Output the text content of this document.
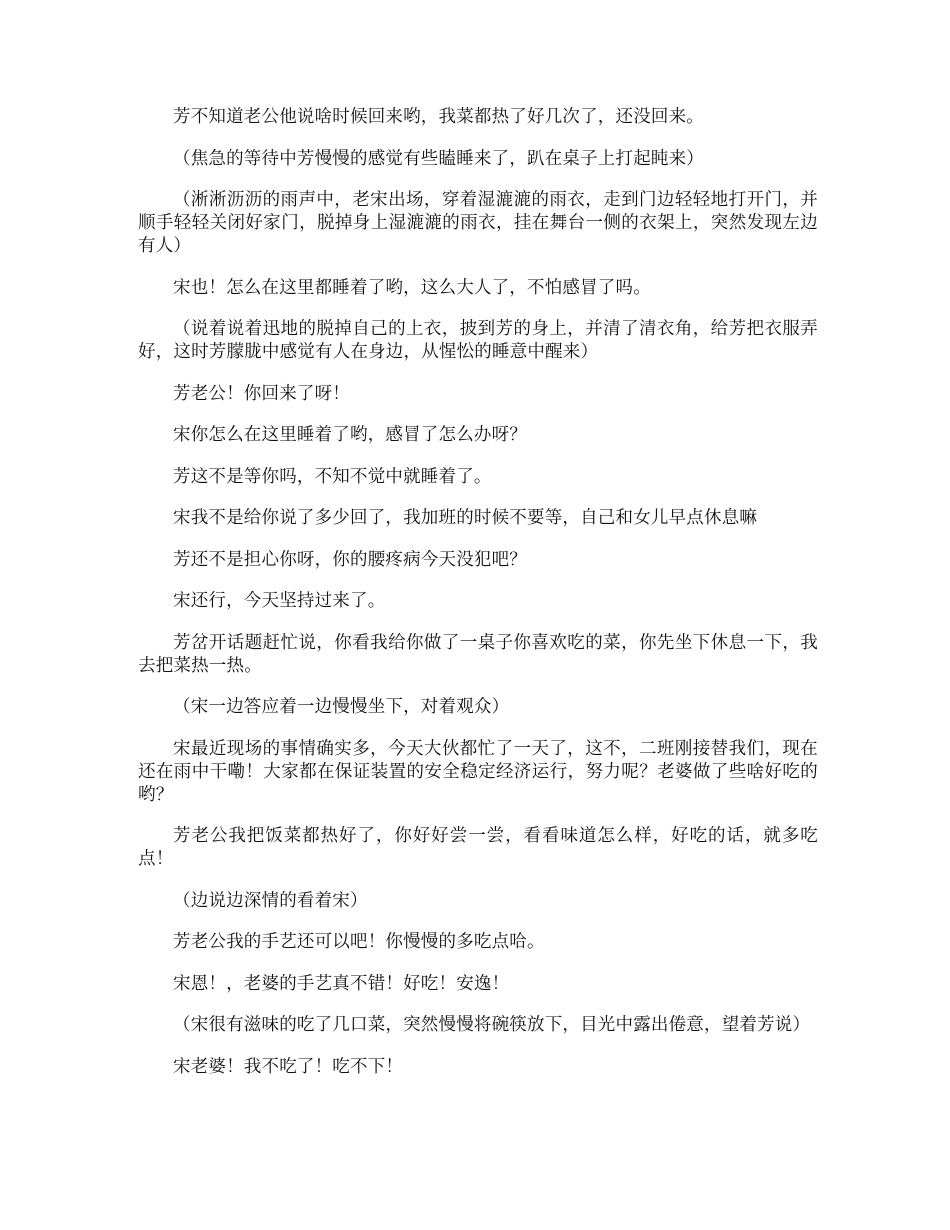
芳不知道老公他说啥时候回来哟，我菜都热了好几次了，还没回来。

（焦急的等待中芳慢慢的感觉有些瞌睡来了，趴在桌子上打起盹来）

（淅淅沥沥的雨声中，老宋出场，穿着湿漉漉的雨衣，走到门边轻轻地打开门，并顺手轻轻关闭好家门，脱掉身上湿漉漉的雨衣，挂在舞台一侧的衣架上，突然发现左边有人）

宋也！怎么在这里都睡着了哟，这么大人了，不怕感冒了吗。

（说着说着迅地的脱掉自己的上衣，披到芳的身上，并清了清衣角，给芳把衣服弄好，这时芳朦胧中感觉有人在身边，从惺忪的睡意中醒来）

芳老公！你回来了呀！

宋你怎么在这里睡着了哟，感冒了怎么办呀？

芳这不是等你吗，不知不觉中就睡着了。

宋我不是给你说了多少回了，我加班的时候不要等，自己和女儿早点休息嘛

芳还不是担心你呀，你的腰疼病今天没犯吧？

宋还行，今天坚持过来了。

芳岔开话题赶忙说，你看我给你做了一桌子你喜欢吃的菜，你先坐下休息一下，我去把菜热一热。

（宋一边答应着一边慢慢坐下，对着观众）

宋最近现场的事情确实多，今天大伙都忙了一天了，这不，二班刚接替我们，现在还在雨中干嘞！大家都在保证装置的安全稳定经济运行，努力呢？老婆做了些啥好吃的哟？

芳老公我把饭菜都热好了，你好好尝一尝，看看味道怎么样，好吃的话，就多吃点！

（边说边深情的看着宋）

芳老公我的手艺还可以吧！你慢慢的多吃点哈。

宋恩！，老婆的手艺真不错！好吃！安逸！

（宋很有滋味的吃了几口菜，突然慢慢将碗筷放下，目光中露出倦意，望着芳说）

宋老婆！我不吃了！吃不下！
